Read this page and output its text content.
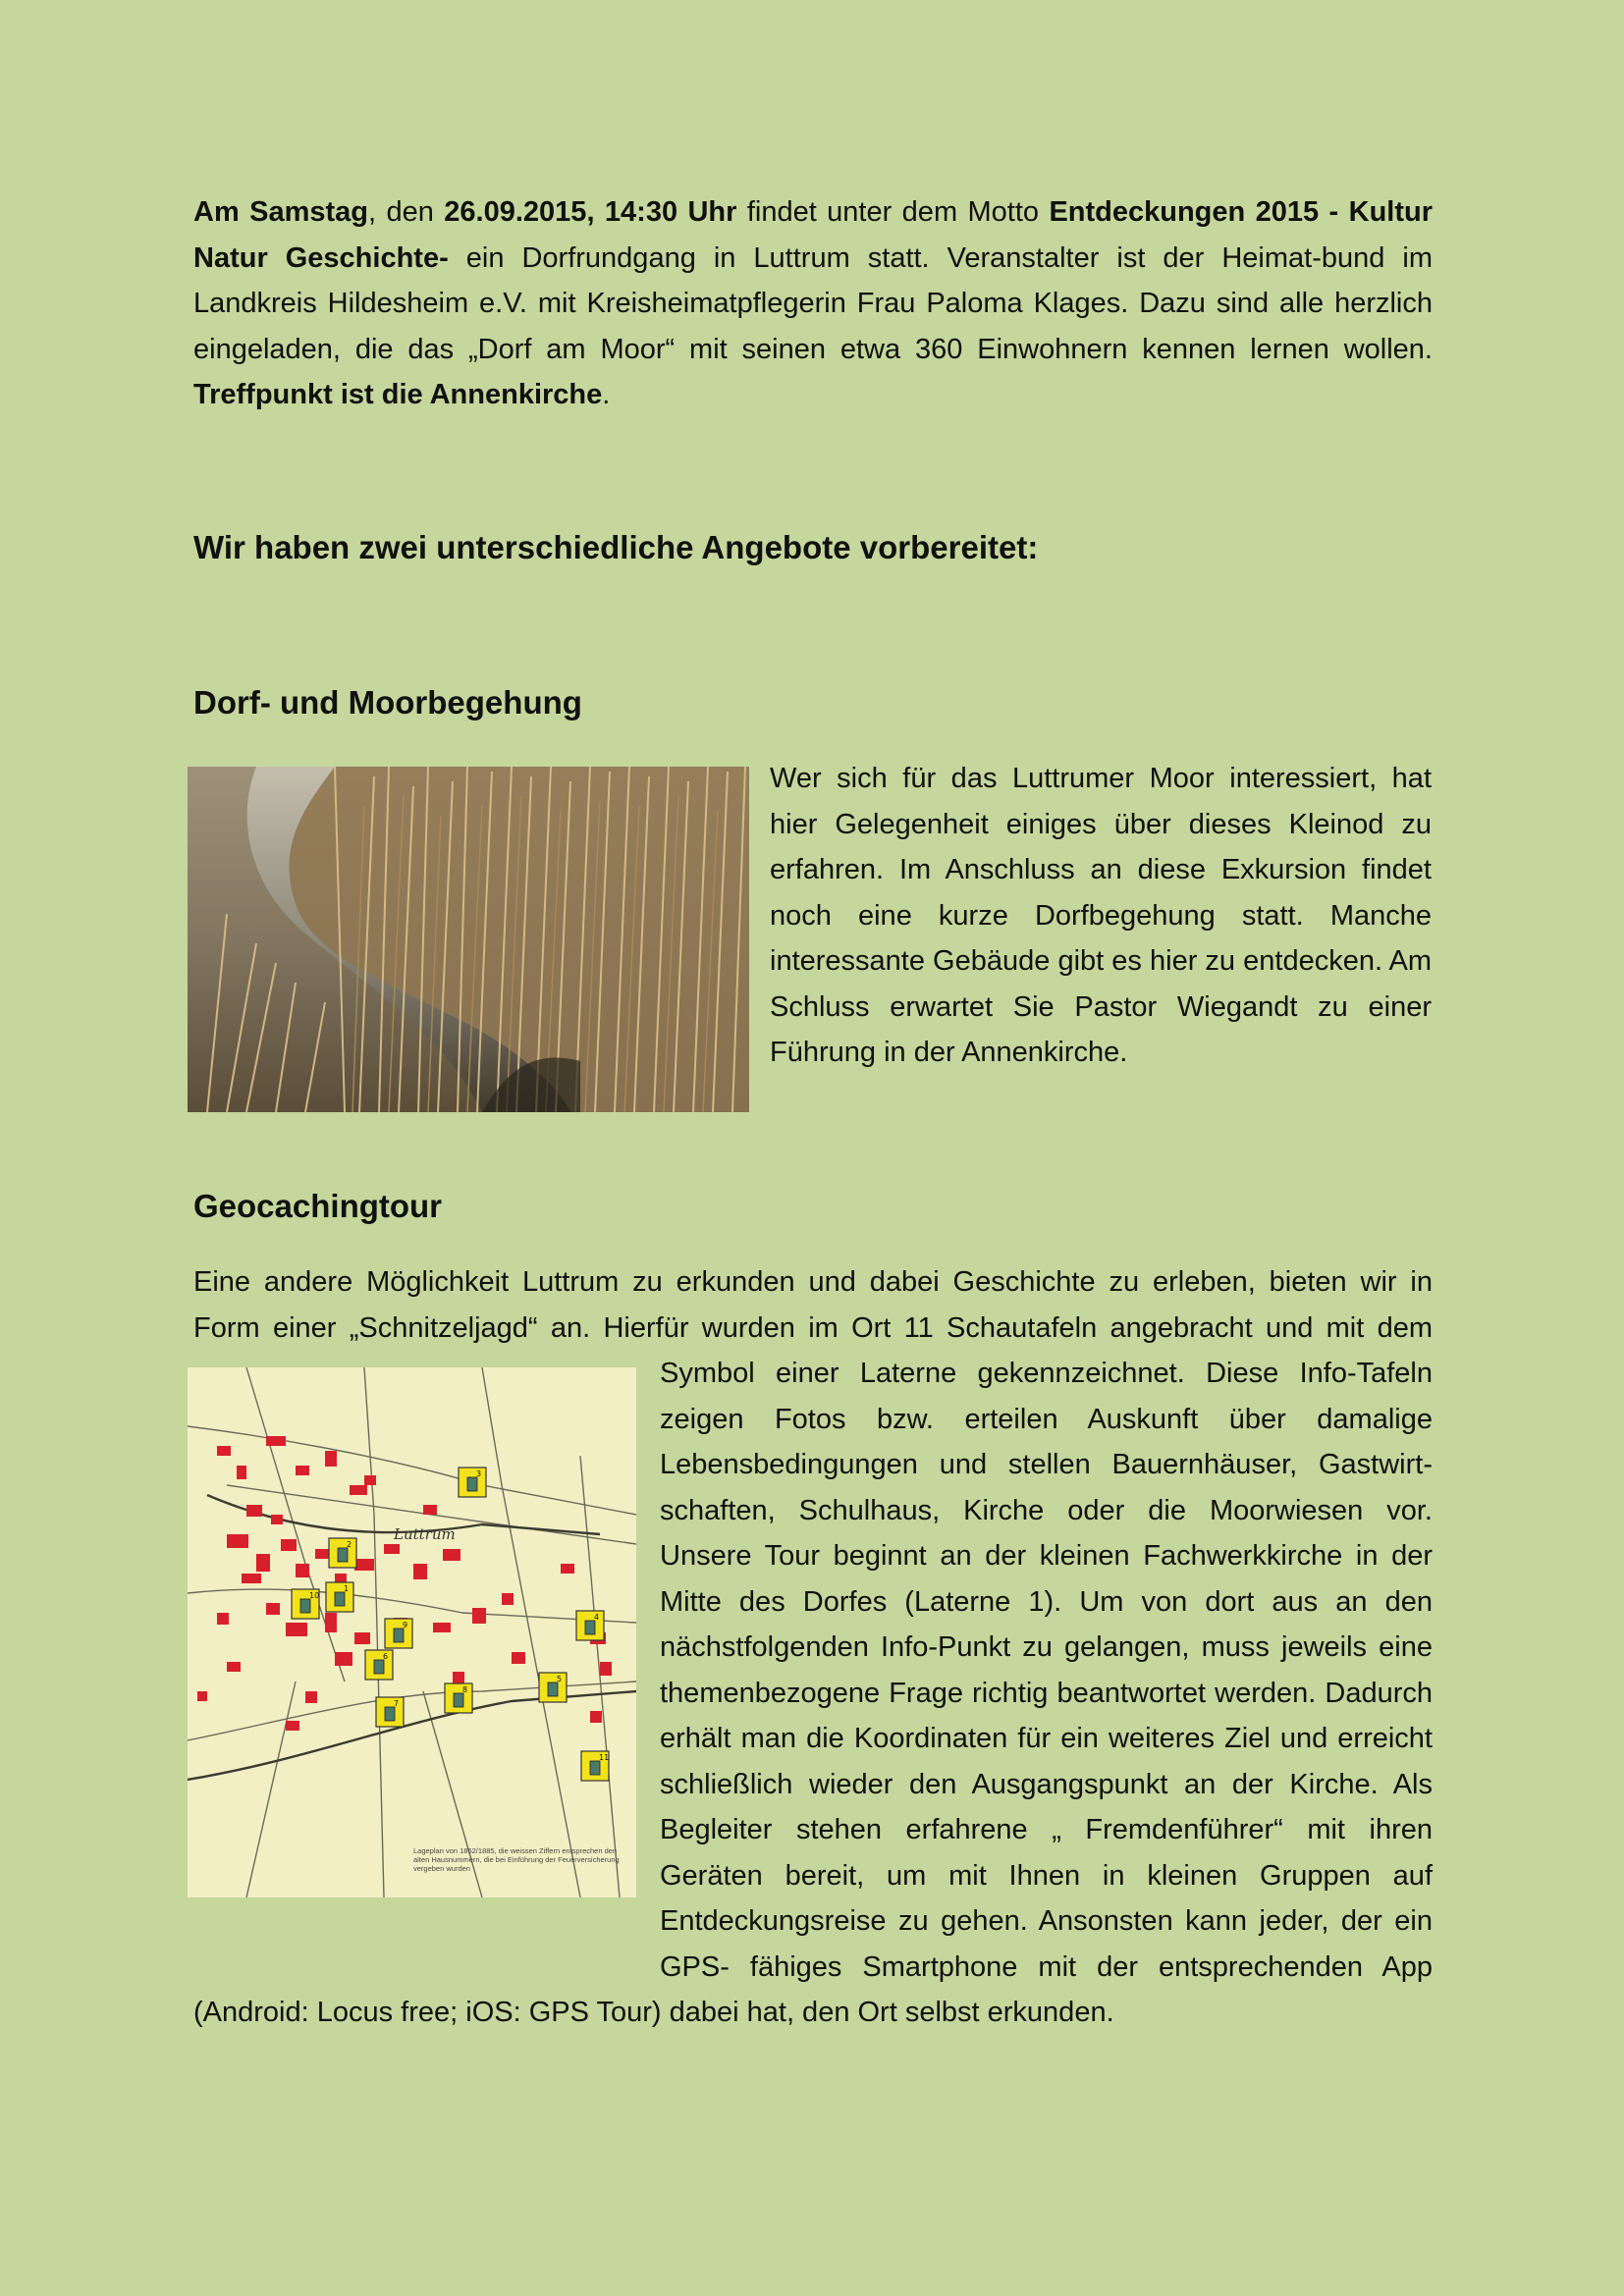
Am Samstag, den 26.09.2015, 14:30 Uhr findet unter dem Motto Entdeckungen 2015 - Kultur Natur Geschichte- ein Dorfrundgang in Luttrum statt. Veranstalter ist der Heimat-bund im Landkreis Hildesheim e.V. mit Kreisheimatpflegerin Frau Paloma Klages. Dazu sind alle herzlich eingeladen, die das „Dorf am Moor“ mit seinen etwa 360 Einwohnern kennen lernen wollen. Treffpunkt ist die Annenkirche.

Wir haben zwei unterschiedliche Angebote vorbereitet:
Dorf- und Moorbegehung

Wer sich für das Luttrumer Moor interessiert, hat hier Gelegenheit einiges über dieses Kleinod zu erfahren. Im Anschluss an diese Exkursion findet noch eine kurze Dorfbegehung statt. Manche interessante Gebäude gibt es hier zu entdecken. Am Schluss erwartet Sie Pastor Wiegandt zu einer Führung in der Annenkirche.

Geocachingtour
Luttrum
1
2
3
4
5
6
7
8
9
10
11
Lageplan von 1852/1885, die weissen Ziffern entsprechen den alten Hausnummern, die bei Einführung der Feuerversicherung vergeben wurden

Eine andere Möglichkeit Luttrum zu erkunden und dabei Geschichte zu erleben, bieten wir in Form einer „Schnitzeljagd“ an. Hierfür wurden im Ort 11 Schautafeln angebracht und mit dem Symbol einer Laterne gekennzeichnet. Diese Info-Tafeln zeigen Fotos bzw. erteilen Auskunft über damalige Lebensbedingungen und stellen Bauernhäuser, Gastwirt-schaften, Schulhaus, Kirche oder die Moorwiesen vor. Unsere Tour beginnt an der kleinen Fachwerkkirche in der Mitte des Dorfes (Laterne 1). Um von dort aus an den nächstfolgenden Info-Punkt zu gelangen, muss jeweils eine themenbezogene Frage richtig beantwortet werden. Dadurch erhält man die Koordinaten für ein weiteres Ziel und erreicht schließlich wieder den Ausgangspunkt an der Kirche. Als Begleiter stehen erfahrene „ Fremdenführer“ mit ihren Geräten bereit, um mit Ihnen in kleinen Gruppen auf Entdeckungsreise zu gehen. Ansonsten kann jeder, der ein GPS- fähiges Smartphone mit der entsprechenden App (Android: Locus free; iOS: GPS Tour) dabei hat, den Ort selbst erkunden.
